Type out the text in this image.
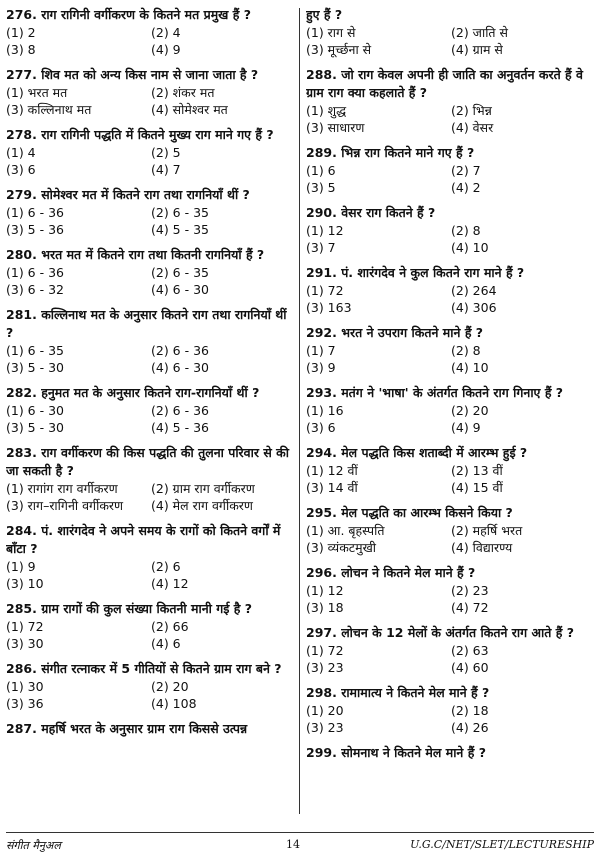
276. राग रागिनी वर्गीकरण के कितने मत प्रमुख हैं ?
(1) 2	(2) 4
(3) 8	(4) 9
277. शिव मत को अन्य किस नाम से जाना जाता है ?
(1) भरत मत	(2) शंकर मत
(3) कल्लिनाथ मत	(4) सोमेश्वर मत
278. राग रागिनी पद्धति में कितने मुख्य राग माने गए हैं ?
(1) 4	(2) 5
(3) 6	(4) 7
279. सोमेश्वर मत में कितने राग तथा रागनियाँ थीं ?
(1) 6 - 36	(2) 6 - 35
(3) 5 - 36	(4) 5 - 35
280. भरत मत में कितने राग तथा कितनी रागनियाँ हैं ?
(1) 6 - 36	(2) 6 - 35
(3) 6 - 32	(4) 6 - 30
281. कल्लिनाथ मत के अनुसार कितने राग तथा रागनियाँ थीं ?
(1) 6 - 35	(2) 6 - 36
(3) 5 - 30	(4) 6 - 30
282. हनुमत मत के अनुसार कितने राग-रागनियाँ थीं ?
(1) 6 - 30	(2) 6 - 36
(3) 5 - 30	(4) 5 - 36
283. राग वर्गीकरण की किस पद्धति की तुलना परिवार से की जा सकती है ?
(1) रागांग राग वर्गीकरण	(2) ग्राम राग वर्गीकरण
(3) राग–रागिनी वर्गीकरण	(4) मेल राग वर्गीकरण
284. पं. शारंगदेव ने अपने समय के रागों को कितने वर्गों में बाँटा ?
(1) 9	(2) 6
(3) 10	(4) 12
285. ग्राम रागों की कुल संख्या कितनी मानी गई है ?
(1) 72	(2) 66
(3) 30	(4) 6
286. संगीत रत्नाकर में 5 गीतियों से कितने ग्राम राग बने ?
(1) 30	(2) 20
(3) 36	(4) 108
287. महर्षि भरत के अनुसार ग्राम राग किससे उत्पन्न
हुए हैं ?
(1) राग से	(2) जाति से
(3) मूर्च्छना से	(4) ग्राम से
288. जो राग केवल अपनी ही जाति का अनुवर्तन करते हैं वे ग्राम राग क्या कहलाते हैं ?
(1) शुद्ध	(2) भिन्न
(3) साधारण	(4) वेसर
289. भिन्न राग कितने माने गए हैं ?
(1) 6	(2) 7
(3) 5	(4) 2
290. वेसर राग कितने हैं ?
(1) 12	(2) 8
(3) 7	(4) 10
291. पं. शारंगदेव ने कुल कितने राग माने हैं ?
(1) 72	(2) 264
(3) 163	(4) 306
292. भरत ने उपराग कितने माने हैं ?
(1) 7	(2) 8
(3) 9	(4) 10
293. मतंग ने 'भाषा' के अंतर्गत कितने राग गिनाए हैं ?
(1) 16	(2) 20
(3) 6	(4) 9
294. मेल पद्धति किस शताब्दी में आरम्भ हुई ?
(1) 12 वीं	(2) 13 वीं
(3) 14 वीं	(4) 15 वीं
295. मेल पद्धति का आरम्भ किसने किया ?
(1) आ. बृहस्पति	(2) महर्षि भरत
(3) व्यंकटमुखी	(4) विद्यारण्य
296. लोचन ने कितने मेल माने हैं ?
(1) 12	(2) 23
(3) 18	(4) 72
297. लोचन के 12 मेलों के अंतर्गत कितने राग आते हैं ?
(1) 72	(2) 63
(3) 23	(4) 60
298. रामामात्य ने कितने मेल माने हैं ?
(1) 20	(2) 18
(3) 23	(4) 26
299. सोमनाथ ने कितने मेल माने हैं ?
संगीत मैनुअल	14	U.G.C/NET/SLET/LECTURESHIP
